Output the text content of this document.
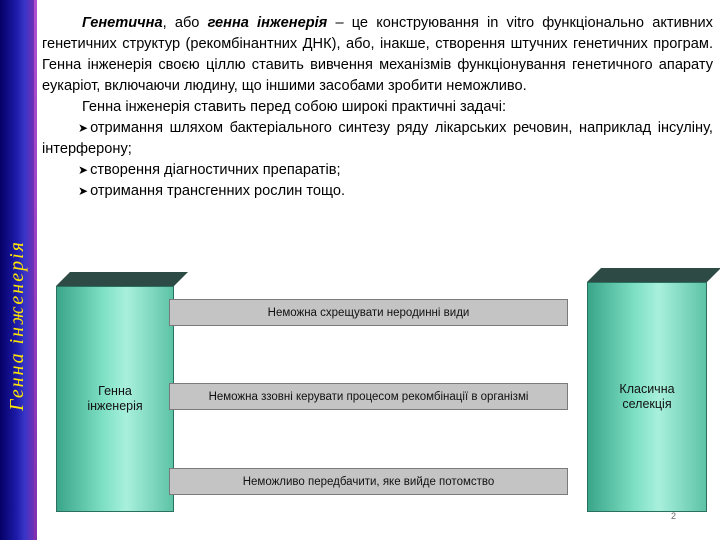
Генна інженерія

Генетична, або генна інженерія – це конструювання in vitro функціонально активних генетичних структур (рекомбінантних ДНК), або, інакше, створення штучних генетичних програм. Генна інженерія своєю ціллю ставить вивчення механізмів функціонування генетичного апарату еукаріот, включаючи людину, що іншими засобами зробити неможливо.

Генна інженерія ставить перед собою широкі практичні задачі:

➤ отримання шляхом бактеріального синтезу ряду лікарських речовин, наприклад інсуліну, інтерферону;

➤ створення діагностичних препаратів;

➤ отримання трансгенних рослин тощо.

Генна інженерія
Класична селекція
Неможна схрещувати неродинні види
Неможна ззовні керувати процесом рекомбінації в організмі
Неможливо передбачити, яке вийде потомство
2
